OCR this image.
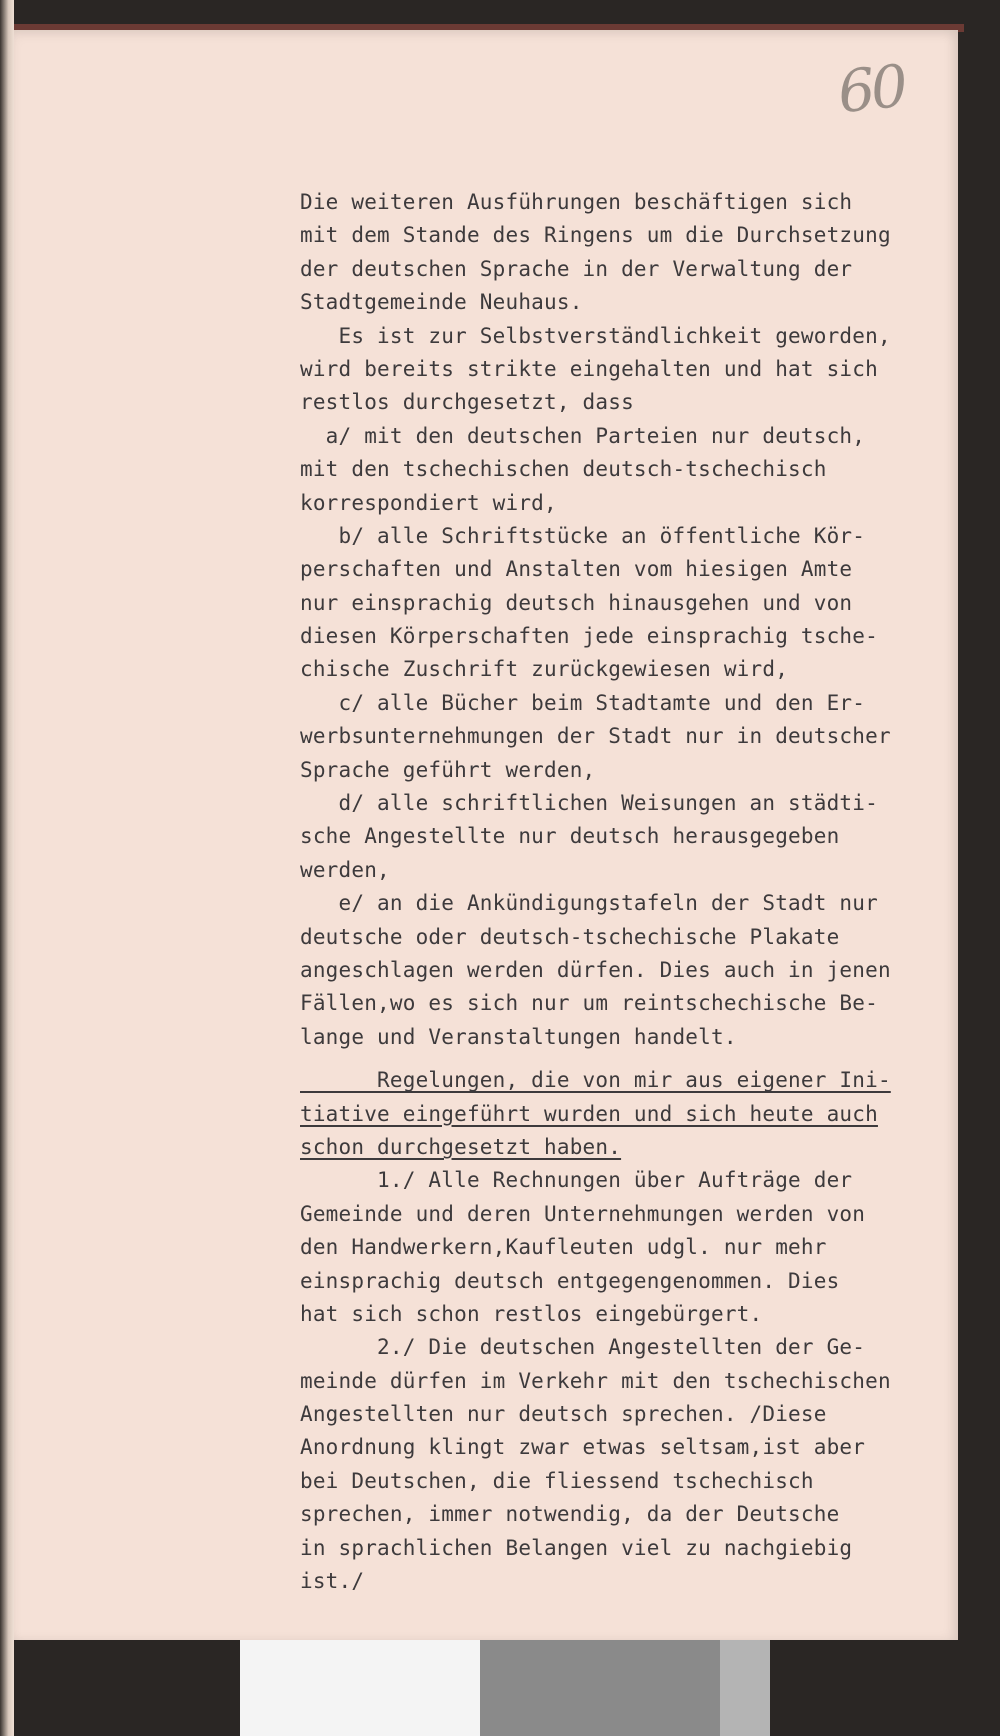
60
Die weiteren Ausführungen beschäftigen sich
mit dem Stande des Ringens um die Durchsetzung
der deutschen Sprache in der Verwaltung der
Stadtgemeinde Neuhaus.
Es ist zur Selbstverständlichkeit geworden,
wird bereits strikte eingehalten und hat sich
restlos durchgesetzt, dass
a/ mit den deutschen Parteien nur deutsch,
mit den tschechischen deutsch-tschechisch
korrespondiert wird,
b/ alle Schriftstücke an öffentliche Kör-
perschaften und Anstalten vom hiesigen Amte
nur einsprachig deutsch hinausgehen und von
diesen Körperschaften jede einsprachig tsche-
chische Zuschrift zurückgewiesen wird,
c/ alle Bücher beim Stadtamte und den Er-
werbsunternehmungen der Stadt nur in deutscher
Sprache geführt werden,
d/ alle schriftlichen Weisungen an städti-
sche Angestellte nur deutsch herausgegeben
werden,
e/ an die Ankündigungstafeln der Stadt nur
deutsche oder deutsch-tschechische Plakate
angeschlagen werden dürfen. Dies auch in jenen
Fällen,wo es sich nur um reintschechische Be-
lange und Veranstaltungen handelt.
Regelungen, die von mir aus eigener Ini-
tiative eingeführt wurden und sich heute auch
schon durchgesetzt haben.
1./ Alle Rechnungen über Aufträge der
Gemeinde und deren Unternehmungen werden von
den Handwerkern,Kaufleuten udgl. nur mehr
einsprachig deutsch entgegengenommen. Dies
hat sich schon restlos eingebürgert.
2./ Die deutschen Angestellten der Ge-
meinde dürfen im Verkehr mit den tschechischen
Angestellten nur deutsch sprechen. /Diese
Anordnung klingt zwar etwas seltsam,ist aber
bei Deutschen, die fliessend tschechisch
sprechen, immer notwendig, da der Deutsche
in sprachlichen Belangen viel zu nachgiebig
ist./
